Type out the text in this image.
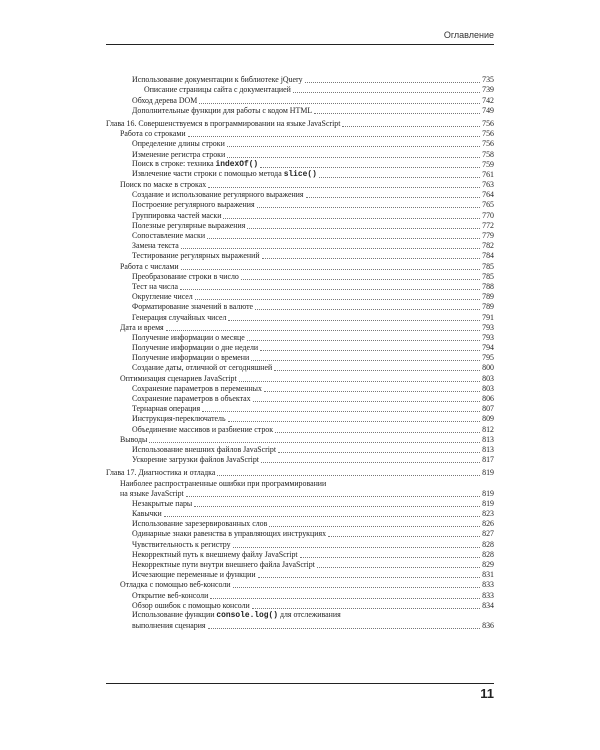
Оглавление
Использование документации к библиотеке jQuery	735
Описание страницы сайта с документацией	739
Обход дерева DOM	742
Дополнительные функции для работы с кодом HTML	749
Глава 16. Совершенствуемся в программировании на языке JavaScript	756
Работа со строками	756
Определение длины строки	756
Изменение регистра строки	758
Поиск в строке: техника indexOf()	759
Извлечение части строки с помощью метода slice()	761
Поиск по маске в строках	763
Создание и использование регулярного выражения	764
Построение регулярного выражения	765
Группировка частей маски	770
Полезные регулярные выражения	772
Сопоставление маски	779
Замена текста	782
Тестирование регулярных выражений	784
Работа с числами	785
Преобразование строки в число	785
Тест на числа	788
Округление чисел	789
Форматирование значений в валюте	789
Генерация случайных чисел	791
Дата и время	793
Получение информации о месяце	793
Получение информации о дне недели	794
Получение информации о времени	795
Создание даты, отличной от сегодняшней	800
Оптимизация сценариев JavaScript	803
Сохранение параметров в переменных	803
Сохранение параметров в объектах	806
Тернарная операция	807
Инструкция-переключатель	809
Объединение массивов и разбиение строк	812
Выводы	813
Использование внешних файлов JavaScript	813
Ускорение загрузки файлов JavaScript	817
Глава 17. Диагностика и отладка	819
Наиболее распространенные ошибки при программировании
на языке JavaScript	819
Незакрытые пары	819
Кавычки	823
Использование зарезервированных слов	826
Одинарные знаки равенства в управляющих инструкциях	827
Чувствительность к регистру	828
Некорректный путь к внешнему файлу JavaScript	828
Некорректные пути внутри внешнего файла JavaScript	829
Исчезающие переменные и функции	831
Отладка с помощью веб-консоли	833
Открытие веб-консоли	833
Обзор ошибок с помощью консоли	834
Использование функции console.log() для отслеживания
выполнения сценария	836
11
